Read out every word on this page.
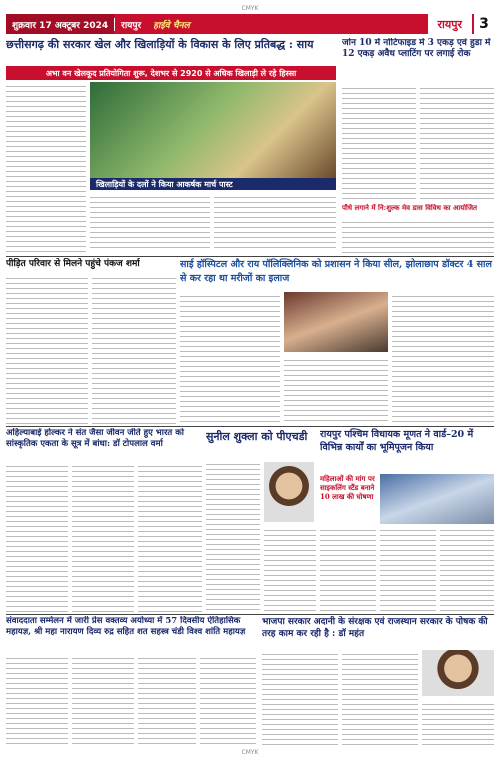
CMYK
शुक्रवार 17 अक्टूबर 2024	रायपुर	हाईवे चैनल	रायपुर	3
छत्तीसगढ़ की सरकार खेल और खिलाड़ियों के विकास के लिए प्रतिबद्ध : साय
अभा वन खेलकूद प्रतियोगिता शुरू, देशभर से 2920 से अधिक खिलाड़ी ले रहे हिस्सा
खिलाड़ियों के दलों ने किया आकर्षक मार्च पास्ट
जोन 10 में नोटिफाइड में 3 एकड़ एवं हुडा में 12 एकड़ अवैध प्लाटिंग पर लगाई रोक
पौधे लगाने में नि:शुल्क मेव डास विविध का आयोजित
पीड़ित परिवार से मिलने पहुंचे पंकज शर्मा	साई हॉस्पिटल और राय पॉलिक्लिनिक को प्रशासन ने किया सील, झोलाछाप डॉक्टर 4 साल से कर रहा था मरीजों का इलाज
अहिल्याबाई होल्कर ने संत जैसा जीवन जीते हुए भारत को सांस्कृतिक एकता के सूत्र में बांधा: डॉ टोपलाल वर्मा
सुनील शुक्ला को पीएचडी	रायपुर पश्चिम विधायक मूणत ने वार्ड–20 में विभिन्न कार्यों का भूमिपूजन किया
महिलाओं की मांग पर साइकलिंग स्टैंड बनाने 10 लाख की घोषणा
संवाददाता सम्मेलन में जारी प्रेस वक्तव्य अयोध्या में 57 दिवसीय ऐतिहासिक महायज्ञ, श्री महा नारायण दिव्य रुद्र सहित शत सहस्त्र चंडी विश्व शांति महायज्ञ
भाजपा सरकार अदानी के संरक्षक एवं राजस्थान सरकार के पोषक की तरह काम कर रही है : डॉ महंत
CMYK
